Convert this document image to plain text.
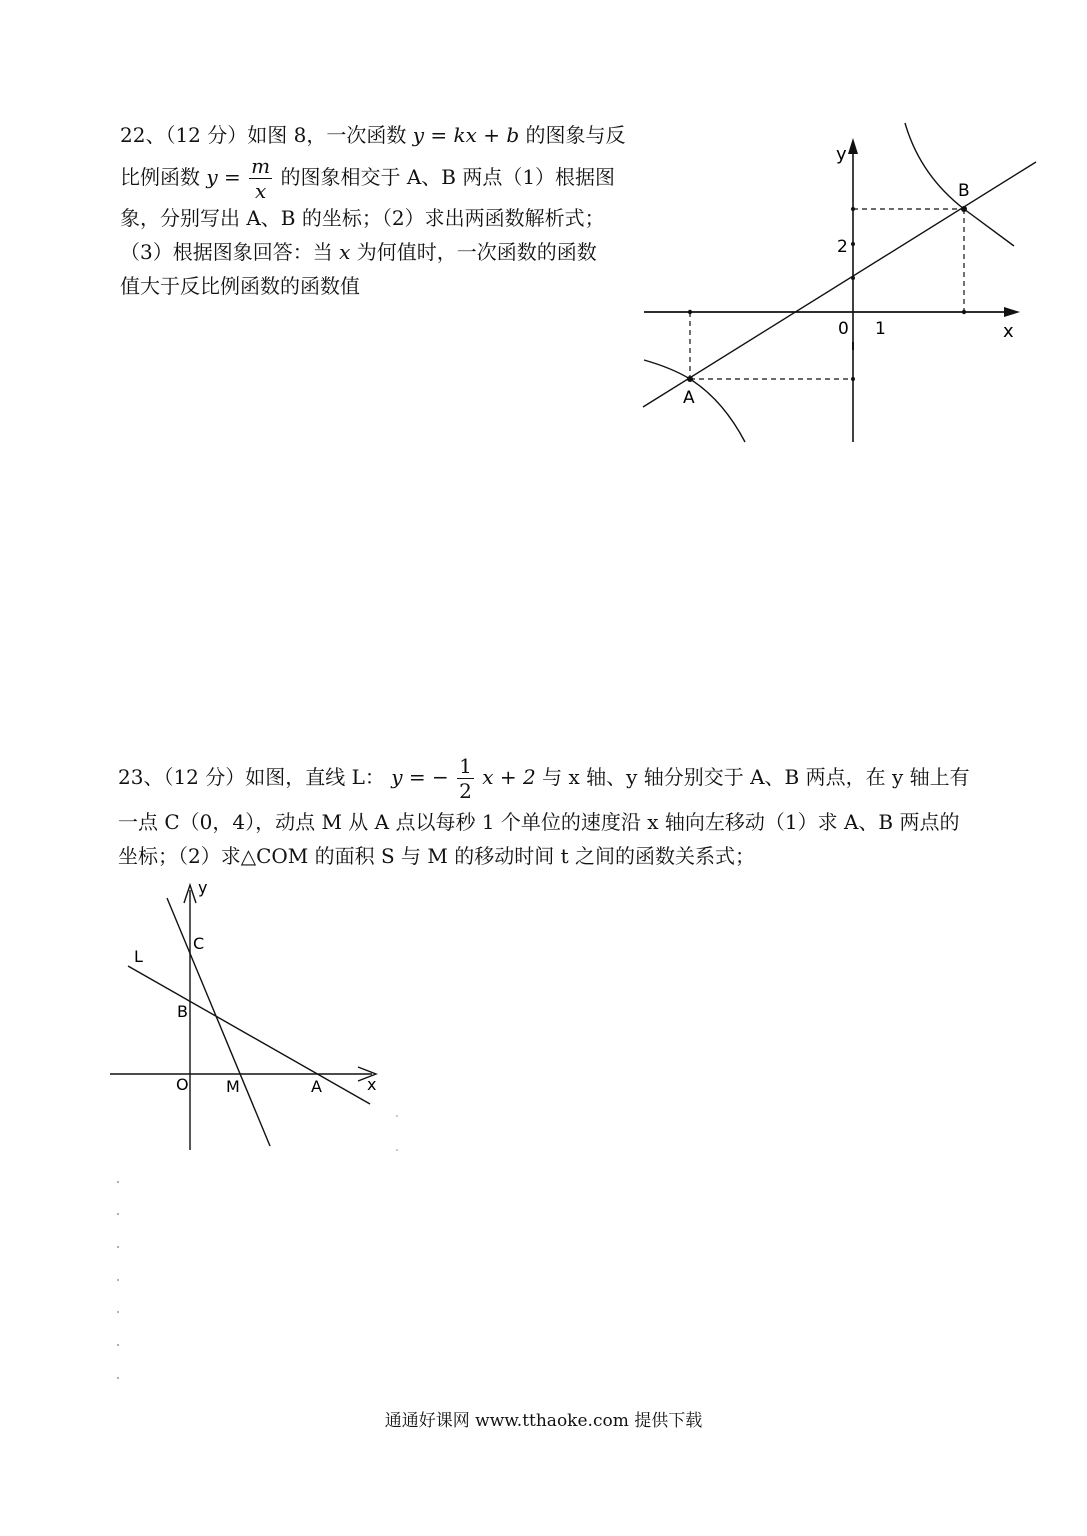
22、（12 分）如图 8，一次函数 y = kx + b 的图象与反

比例函数 $y = \frac{m}{x}$ 的图象相交于 A、B 两点（1）根据图

象，分别写出 A、B 的坐标；（2）求出两函数解析式；

（3）根据图象回答：当 x 为何值时，一次函数的函数

值大于反比例函数的函数值

y
x
0 1
2
B
A

23、（12 分）如图，直线 L： y = − $\frac{1}{2}$ x + 2 与 x 轴、y 轴分别交于 A、B 两点，在 y 轴上有

一点 C（0，4），动点 M 从 A 点以每秒 1 个单位的速度沿 x 轴向左移动（1）求 A、B 两点的

坐标；（2）求△COM 的面积 S 与 M 的移动时间 t 之间的函数关系式；

y
x
C
L
B
O M	A
通通好课网 www.tthaoke.com 提供下载
